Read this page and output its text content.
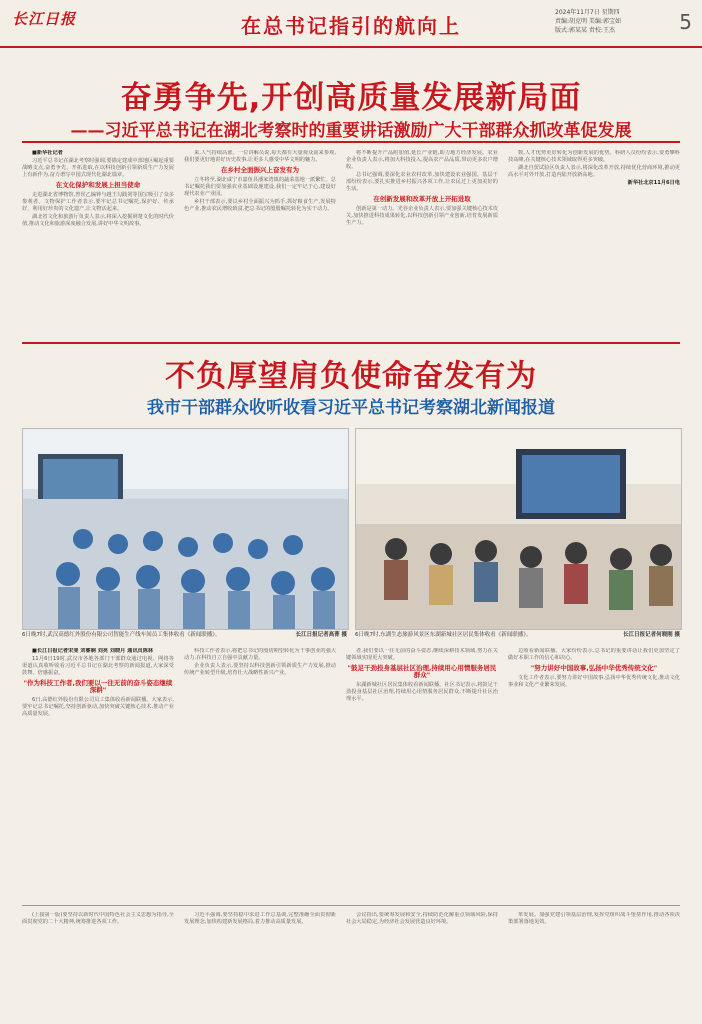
长江日报	在总书记指引的航向上
2024年11月7日 星期四
责编:胡克明 美编:郭宝如
版式:郭某某 责校:王杰	5
奋勇争先,开创高质量发展新局面
——习近平总书记在湖北考察时的重要讲话激励广大干部群众抓改革促发展

■新华社记者

习近平总书记在湖北考察时强调,要锚定建成中部地区崛起重要战略支点,奋勇争先、开拓进取,在以科技创新引领新质生产力发展上有新作为,奋力谱写中国式现代化湖北篇章。

在文化保护和发展上担当使命

走进湖北省博物馆,曾侯乙编钟与越王勾践剑等国宝吸引了众多参观者。文物保护工作者表示,要牢记总书记嘱托,保护好、传承好、利用好珍贵的文化遗产,让文物活起来。

湖北省文化和旅游厅负责人表示,将深入挖掘荆楚文化的时代价值,推动文化和旅游深度融合发展,讲好中华文明故事。

来,人气持续高涨。一位讲解员说,每天都有大量观众前来参观,我们要更好地讲好历史故事,让更多人感受中华文明的魅力。

在乡村全面振兴上奋发有为

立冬将至,湖北咸宁市嘉鱼县潘家湾镇的蔬菜基地一派繁忙。总书记嘱托我们要加强农业基础设施建设,我们一定牢记于心,建设好现代农业产业园。

乡村干部表示,要以乡村全面振兴为抓手,抓好粮食生产,发展特色产业,推动农民增收致富,把总书记的殷殷嘱托转化为实干动力。

将不断提升产品附加值,延长产业链,助力地方经济发展。农业企业负责人表示,将加大科技投入,提高农产品品质,带动更多农户增收。

总书记强调,要深化农业农村改革,加快建设农业强国。基层干部纷纷表示,要扎实推进乡村振兴各项工作,让农民过上更加美好的生活。

在创新发展和改革开放上开拓进取

创新是第一动力。光谷企业负责人表示,要加强关键核心技术攻关,加快推进科技成果转化,以科技创新引领产业创新,培育发展新质生产力。

数,人才优势更好转化为创新发展的优势。科研人员纷纷表示,要勇攀科技高峰,在关键核心技术领域取得更多突破。

湖北自贸试验区负责人表示,将深化改革开放,持续优化营商环境,推动更高水平对外开放,打造内陆开放新高地。

新华社北京11月6日电

不负厚望肩负使命奋发有为
我市干部群众收听收看习近平总书记考察湖北新闻报道
6日晚7时,武汉高德红外股份有限公司智能生产线车间员工集体收看《新闻联播》。	长江日报记者高菁 摄 6日晚7时,东湖生态旅游风景区东湖新城社区居民集体收看《新闻联播》。	长江日报记者何晓刚 摄

■长江日报记者宋斐 刘睿娴 刘亮 刘晓月 通讯员陈林

11月6日19时,武汉市各地各部门干部群众通过电视、网络等渠道认真收听收看习近平总书记在湖北考察的新闻报道,大家深受鼓舞、倍感振奋。

"作为科技工作者,我们要以一往无前的奋斗姿态继续深耕"

6日,高德红外股份有限公司员工集体收看新闻联播。大家表示,要牢记总书记嘱托,坚持创新驱动,加快突破关键核心技术,推动产业高质量发展。

科技工作者表示,将把总书记的殷切期望转化为干事创业的强大动力,在科技自立自强中贡献力量。

企业负责人表示,要坚持以科技创新引领新质生产力发展,推动传统产业转型升级,培育壮大战略性新兴产业。

者,我们要以一往无前的奋斗姿态,继续深耕技术领域,努力在关键领域实现更大突破。

"鼓足干劲投身基层社区治理,持续用心用情服务居民群众"

东湖新城社区居民集体收看新闻联播。社区书记表示,将鼓足干劲投身基层社区治理,持续用心用情服务居民群众,不断提升社区治理水平。

边收看新闻联播。大家纷纷表示,总书记的重要讲话让我们更加坚定了做好本职工作的信心和决心。

"努力讲好中国故事,弘扬中华优秀传统文化"

文化工作者表示,要努力讲好中国故事,弘扬中华优秀传统文化,推动文化事业和文化产业繁荣发展。

(上接第一版)要坚持以新时代中国特色社会主义思想为指导,全面贯彻党的二十大精神,统筹推进各项工作。

习近平强调,要坚持稳中求进工作总基调,完整准确全面贯彻新发展理念,加快构建新发展格局,着力推动高质量发展。

会议指出,要统筹发展和安全,持续防范化解重点领域风险,保持社会大局稳定,为经济社会发展营造良好环境。

革发展。加强党建引领基层治理,发挥党组织战斗堡垒作用,推动各项决策部署落地见效。
